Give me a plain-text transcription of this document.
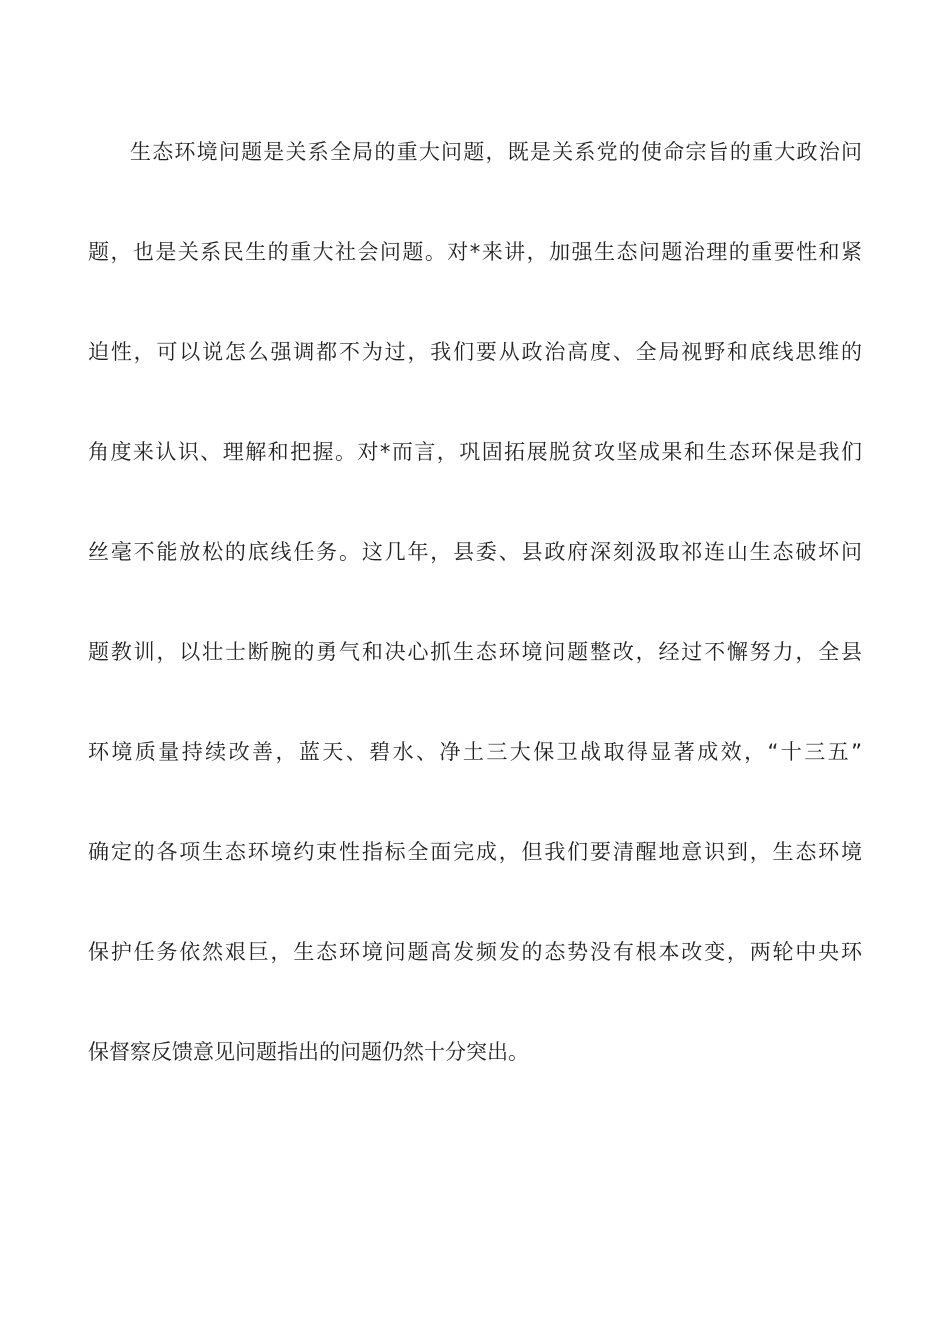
生态环境问题是关系全局的重大问题，既是关系党的使命宗旨的重大政治问
题，也是关系民生的重大社会问题。对*来讲，加强生态问题治理的重要性和紧
迫性，可以说怎么强调都不为过，我们要从政治高度、全局视野和底线思维的
角度来认识、理解和把握。对*而言，巩固拓展脱贫攻坚成果和生态环保是我们
丝毫不能放松的底线任务。这几年，县委、县政府深刻汲取祁连山生态破坏问
题教训，以壮士断腕的勇气和决心抓生态环境问题整改，经过不懈努力，全县
环境质量持续改善，蓝天、碧水、净土三大保卫战取得显著成效，“十三五”
确定的各项生态环境约束性指标全面完成，但我们要清醒地意识到，生态环境
保护任务依然艰巨，生态环境问题高发频发的态势没有根本改变，两轮中央环
保督察反馈意见问题指出的问题仍然十分突出。
